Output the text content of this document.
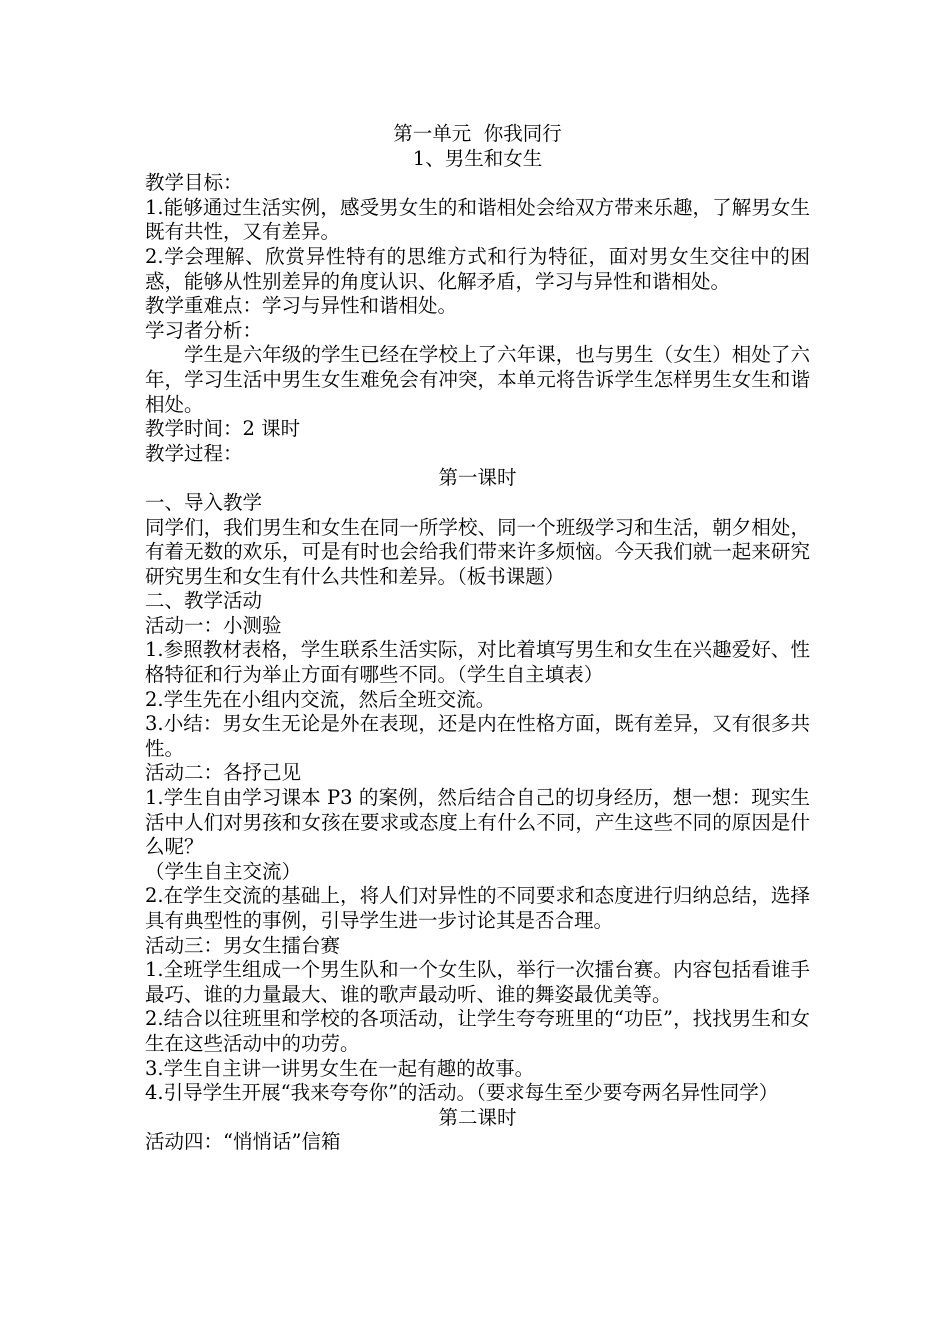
第一单元  你我同行

1、男生和女生

教学目标：

1.能够通过生活实例，感受男女生的和谐相处会给双方带来乐趣，了解男女生既有共性，又有差异。

2.学会理解、欣赏异性特有的思维方式和行为特征，面对男女生交往中的困惑，能够从性别差异的角度认识、化解矛盾，学习与异性和谐相处。

教学重难点：学习与异性和谐相处。

学习者分析：

学生是六年级的学生已经在学校上了六年课，也与男生（女生）相处了六年，学习生活中男生女生难免会有冲突，本单元将告诉学生怎样男生女生和谐相处。

教学时间：2 课时

教学过程：

第一课时

一、导入教学

同学们，我们男生和女生在同一所学校、同一个班级学习和生活，朝夕相处，有着无数的欢乐，可是有时也会给我们带来许多烦恼。今天我们就一起来研究研究男生和女生有什么共性和差异。（板书课题）

二、教学活动

活动一：小测验

1.参照教材表格，学生联系生活实际，对比着填写男生和女生在兴趣爱好、性格特征和行为举止方面有哪些不同。（学生自主填表）

2.学生先在小组内交流，然后全班交流。

3.小结：男女生无论是外在表现，还是内在性格方面，既有差异，又有很多共性。

活动二：各抒己见

1.学生自由学习课本 P3 的案例，然后结合自己的切身经历，想一想：现实生活中人们对男孩和女孩在要求或态度上有什么不同，产生这些不同的原因是什么呢？

（学生自主交流）

2.在学生交流的基础上，将人们对异性的不同要求和态度进行归纳总结，选择具有典型性的事例，引导学生进一步讨论其是否合理。

活动三：男女生擂台赛

1.全班学生组成一个男生队和一个女生队，举行一次擂台赛。内容包括看谁手最巧、谁的力量最大、谁的歌声最动听、谁的舞姿最优美等。

2.结合以往班里和学校的各项活动，让学生夸夸班里的“功臣”，找找男生和女生在这些活动中的功劳。

3.学生自主讲一讲男女生在一起有趣的故事。

4.引导学生开展“我来夸夸你”的活动。（要求每生至少要夸两名异性同学）

第二课时

活动四：“悄悄话”信箱
